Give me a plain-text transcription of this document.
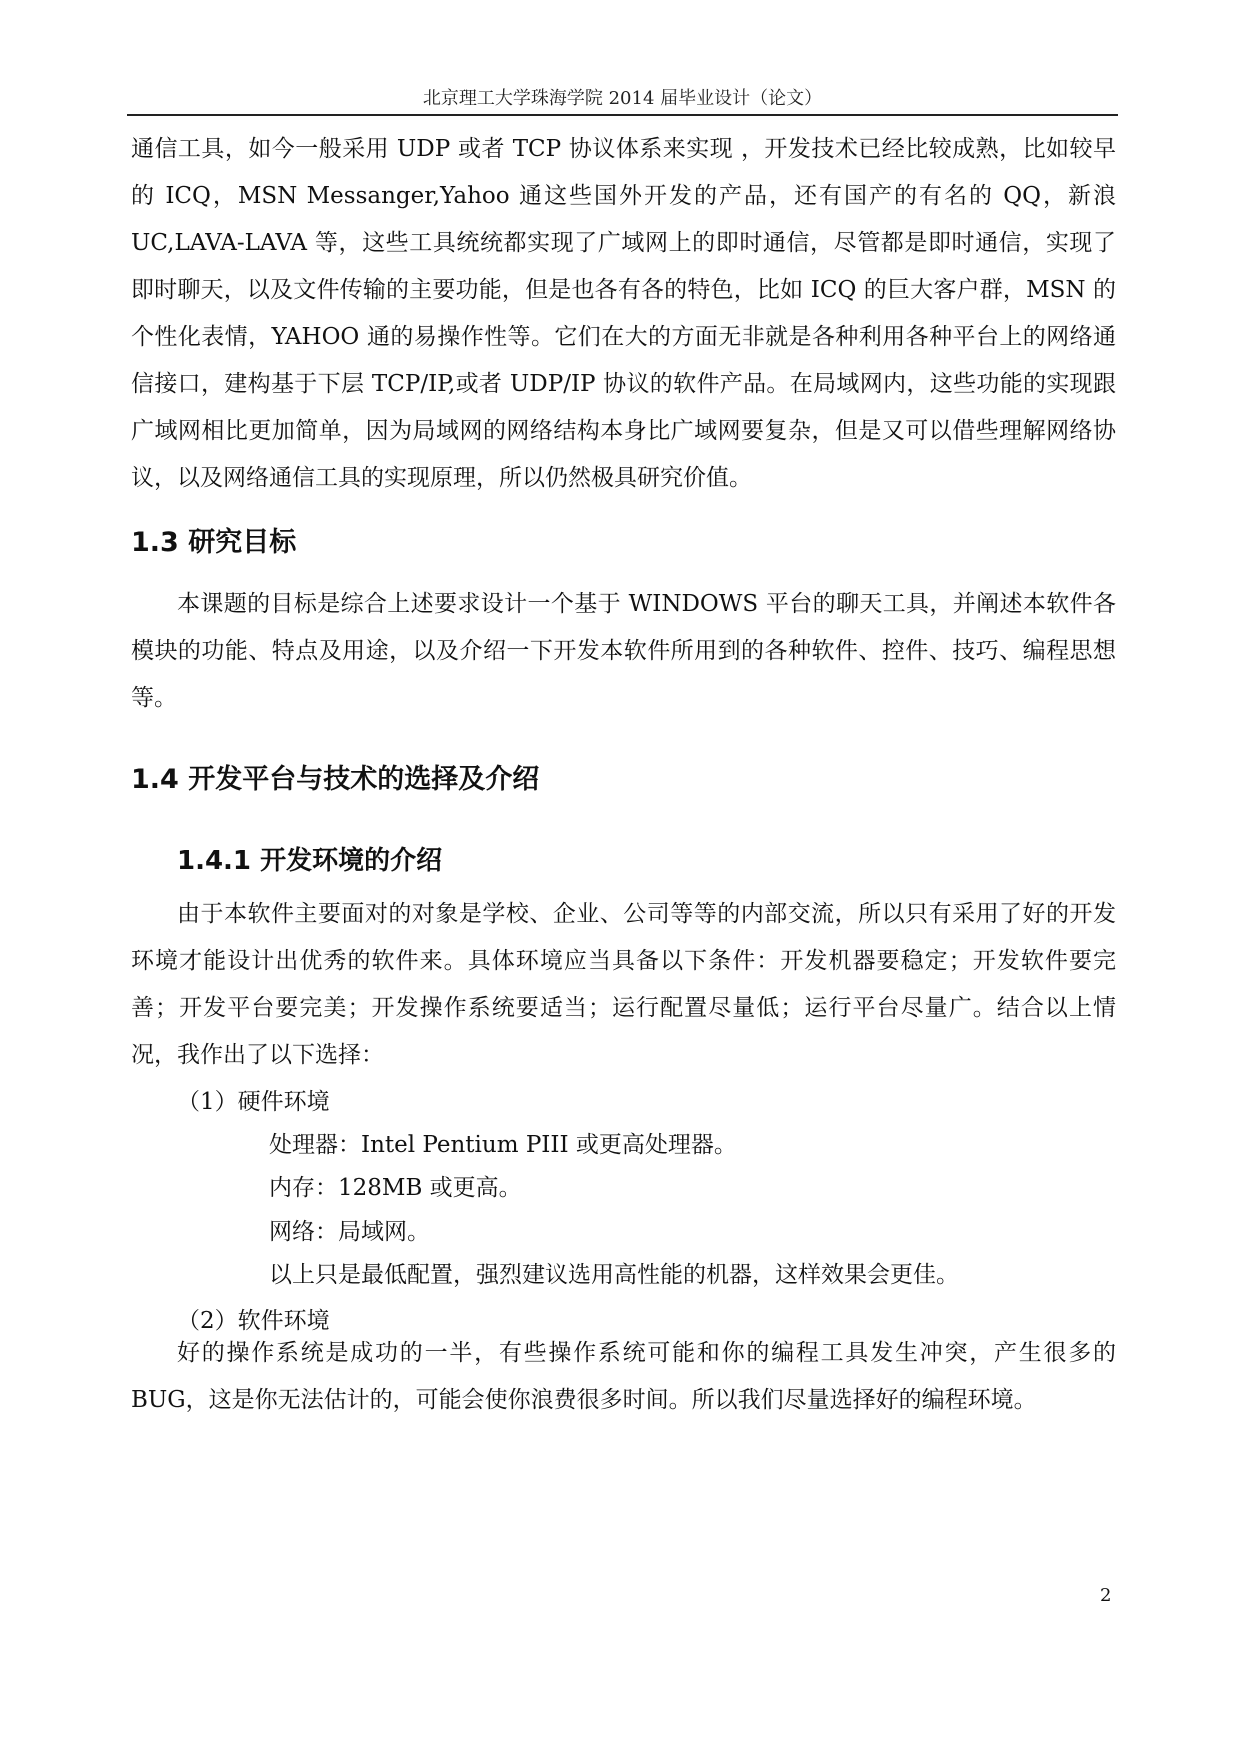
北京理工大学珠海学院 2014 届毕业设计（论文）

通信工具，如今一般采用 UDP 或者 TCP 协议体系来实现 ，开发技术已经比较成熟，比如较早的 ICQ，MSN Messanger,Yahoo 通这些国外开发的产品，还有国产的有名的 QQ，新浪 UC,LAVA-LAVA 等，这些工具统统都实现了广域网上的即时通信，尽管都是即时通信，实现了即时聊天，以及文件传输的主要功能，但是也各有各的特色，比如 ICQ 的巨大客户群，MSN 的个性化表情，YAHOO 通的易操作性等。它们在大的方面无非就是各种利用各种平台上的网络通信接口，建构基于下层 TCP/IP,或者 UDP/IP 协议的软件产品。在局域网内，这些功能的实现跟广域网相比更加简单，因为局域网的网络结构本身比广域网要复杂，但是又可以借些理解网络协议，以及网络通信工具的实现原理，所以仍然极具研究价值。

1.3 研究目标

本课题的目标是综合上述要求设计一个基于 WINDOWS 平台的聊天工具，并阐述本软件各模块的功能、特点及用途，以及介绍一下开发本软件所用到的各种软件、控件、技巧、编程思想等。

1.4 开发平台与技术的选择及介绍
1.4.1 开发环境的介绍

由于本软件主要面对的对象是学校、企业、公司等等的内部交流，所以只有采用了好的开发环境才能设计出优秀的软件来。具体环境应当具备以下条件：开发机器要稳定；开发软件要完善；开发平台要完美；开发操作系统要适当；运行配置尽量低；运行平台尽量广。结合以上情况，我作出了以下选择：

（1）硬件环境

处理器：Intel Pentium PIII 或更高处理器。

内存：128MB 或更高。

网络：局域网。

以上只是最低配置，强烈建议选用高性能的机器，这样效果会更佳。

（2）软件环境

好的操作系统是成功的一半，有些操作系统可能和你的编程工具发生冲突，产生很多的 BUG，这是你无法估计的，可能会使你浪费很多时间。所以我们尽量选择好的编程环境。

2
